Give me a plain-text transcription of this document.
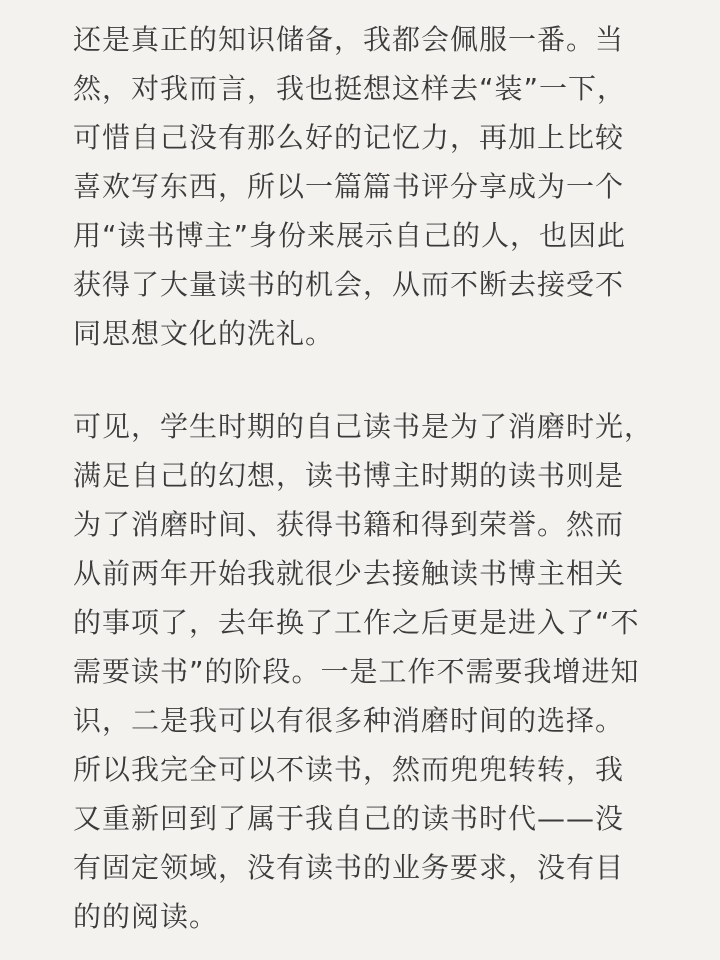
还是真正的知识储备，我都会佩服一番。当
然，对我而言，我也挺想这样去“装”一下，
可惜自己没有那么好的记忆力，再加上比较
喜欢写东西，所以一篇篇书评分享成为一个
用“读书博主”身份来展示自己的人，也因此
获得了大量读书的机会，从而不断去接受不
同思想文化的洗礼。
可见，学生时期的自己读书是为了消磨时光，
满足自己的幻想，读书博主时期的读书则是
为了消磨时间、获得书籍和得到荣誉。然而
从前两年开始我就很少去接触读书博主相关
的事项了，去年换了工作之后更是进入了“不
需要读书”的阶段。一是工作不需要我增进知
识，二是我可以有很多种消磨时间的选择。
所以我完全可以不读书，然而兜兜转转，我
又重新回到了属于我自己的读书时代——没
有固定领域，没有读书的业务要求，没有目
的的阅读。
